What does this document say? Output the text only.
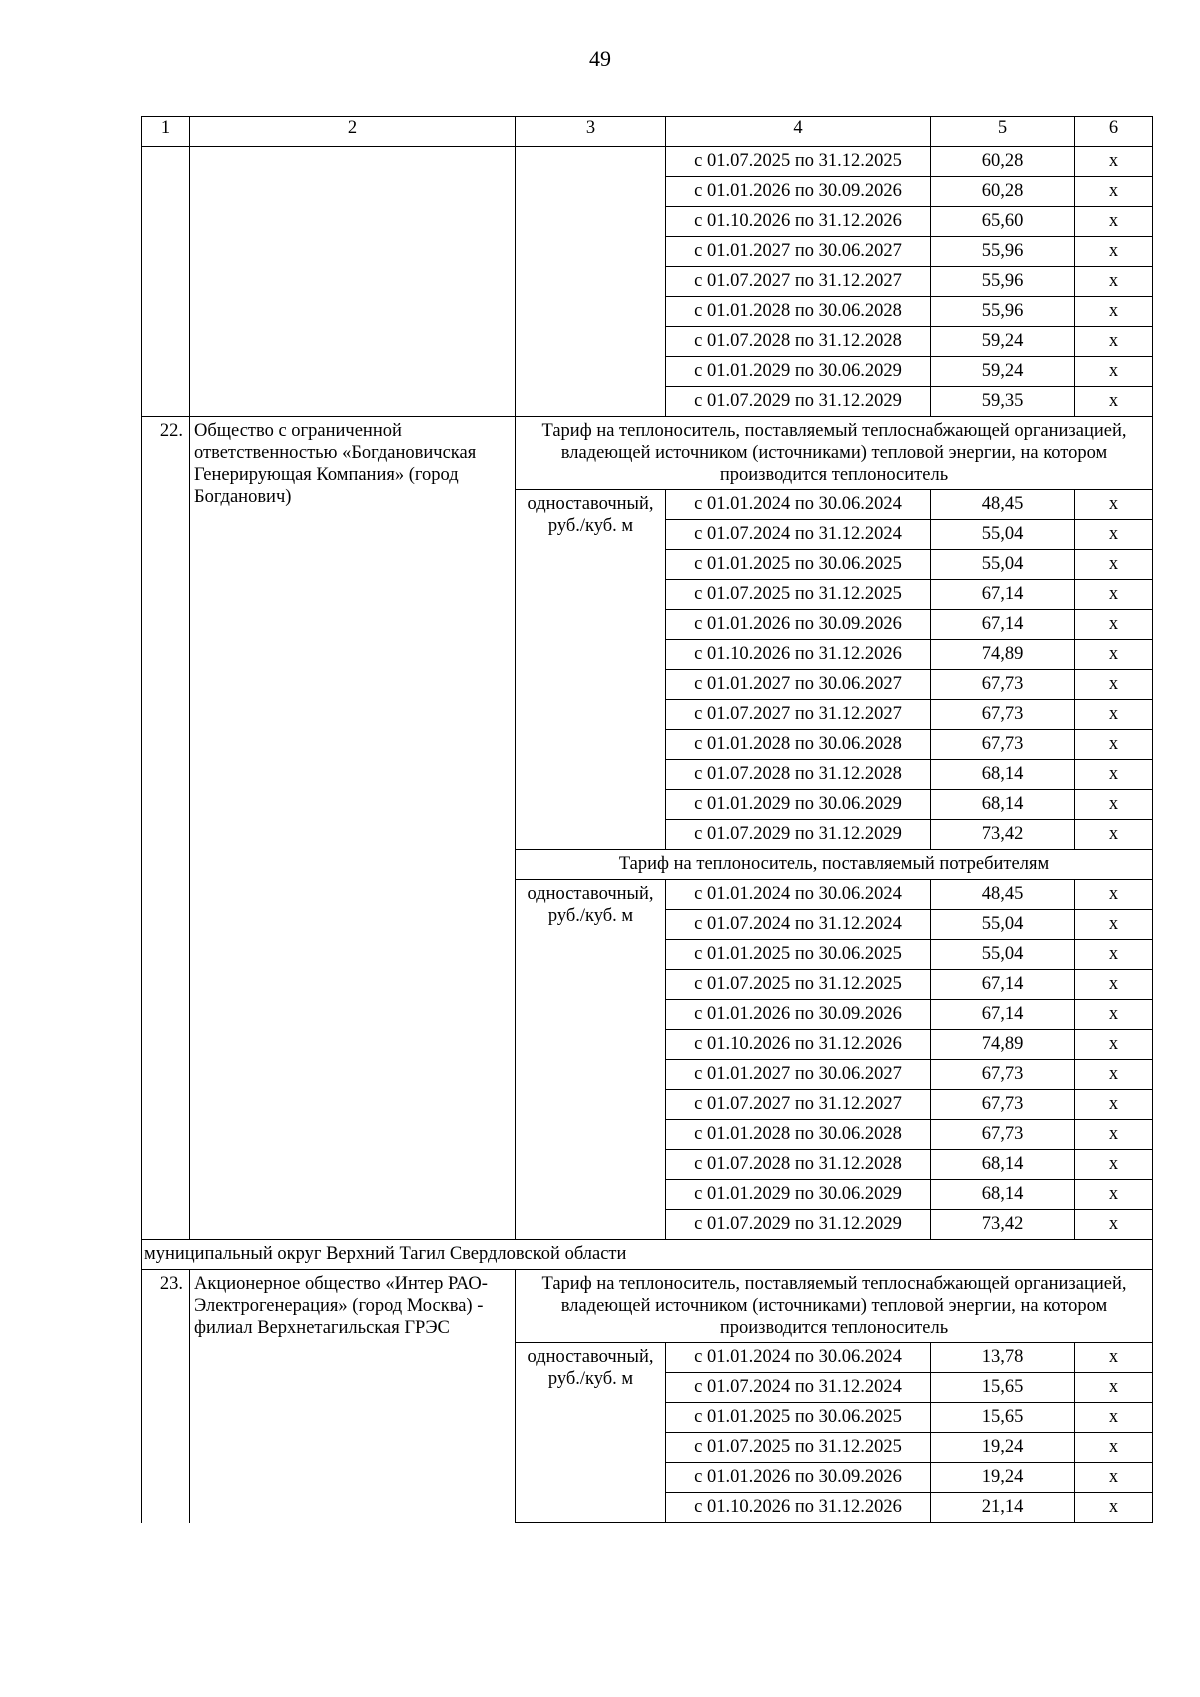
49
1	2	3	4	5	6
			с 01.07.2025 по 31.12.2025	60,28	х
			с 01.01.2026 по 30.09.2026	60,28	х
			с 01.10.2026 по 31.12.2026	65,60	х
			с 01.01.2027 по 30.06.2027	55,96	х
			с 01.07.2027 по 31.12.2027	55,96	х
			с 01.01.2028 по 30.06.2028	55,96	х
			с 01.07.2028 по 31.12.2028	59,24	х
			с 01.01.2029 по 30.06.2029	59,24	х
			с 01.07.2029 по 31.12.2029	59,35	х
22.	Общество с ограниченной ответственностью «Богдановичская Генерирующая Компания» (город Богданович)	Тариф на теплоноситель, поставляемый теплоснабжающей организацией, владеющей источником (источниками) тепловой энергии, на котором производится теплоноситель			
		одноставочный, руб./куб. м	с 01.01.2024 по 30.06.2024	48,45	х
			с 01.07.2024 по 31.12.2024	55,04	х
			с 01.01.2025 по 30.06.2025	55,04	х
			с 01.07.2025 по 31.12.2025	67,14	х
			с 01.01.2026 по 30.09.2026	67,14	х
			с 01.10.2026 по 31.12.2026	74,89	х
			с 01.01.2027 по 30.06.2027	67,73	х
			с 01.07.2027 по 31.12.2027	67,73	х
			с 01.01.2028 по 30.06.2028	67,73	х
			с 01.07.2028 по 31.12.2028	68,14	х
			с 01.01.2029 по 30.06.2029	68,14	х
			с 01.07.2029 по 31.12.2029	73,42	х
		Тариф на теплоноситель, поставляемый потребителям			
		одноставочный, руб./куб. м	с 01.01.2024 по 30.06.2024	48,45	х
			с 01.07.2024 по 31.12.2024	55,04	х
			с 01.01.2025 по 30.06.2025	55,04	х
			с 01.07.2025 по 31.12.2025	67,14	х
			с 01.01.2026 по 30.09.2026	67,14	х
			с 01.10.2026 по 31.12.2026	74,89	х
			с 01.01.2027 по 30.06.2027	67,73	х
			с 01.07.2027 по 31.12.2027	67,73	х
			с 01.01.2028 по 30.06.2028	67,73	х
			с 01.07.2028 по 31.12.2028	68,14	х
			с 01.01.2029 по 30.06.2029	68,14	х
			с 01.07.2029 по 31.12.2029	73,42	х
муниципальный округ Верхний Тагил Свердловской области					
23.	Акционерное общество «Интер РАО-Электрогенерация» (город Москва) - филиал Верхнетагильская ГРЭС	Тариф на теплоноситель, поставляемый теплоснабжающей организацией, владеющей источником (источниками) тепловой энергии, на котором производится теплоноситель			
		одноставочный, руб./куб. м	с 01.01.2024 по 30.06.2024	13,78	х
			с 01.07.2024 по 31.12.2024	15,65	х
			с 01.01.2025 по 30.06.2025	15,65	х
			с 01.07.2025 по 31.12.2025	19,24	х
			с 01.01.2026 по 30.09.2026	19,24	х
			с 01.10.2026 по 31.12.2026	21,14	х
